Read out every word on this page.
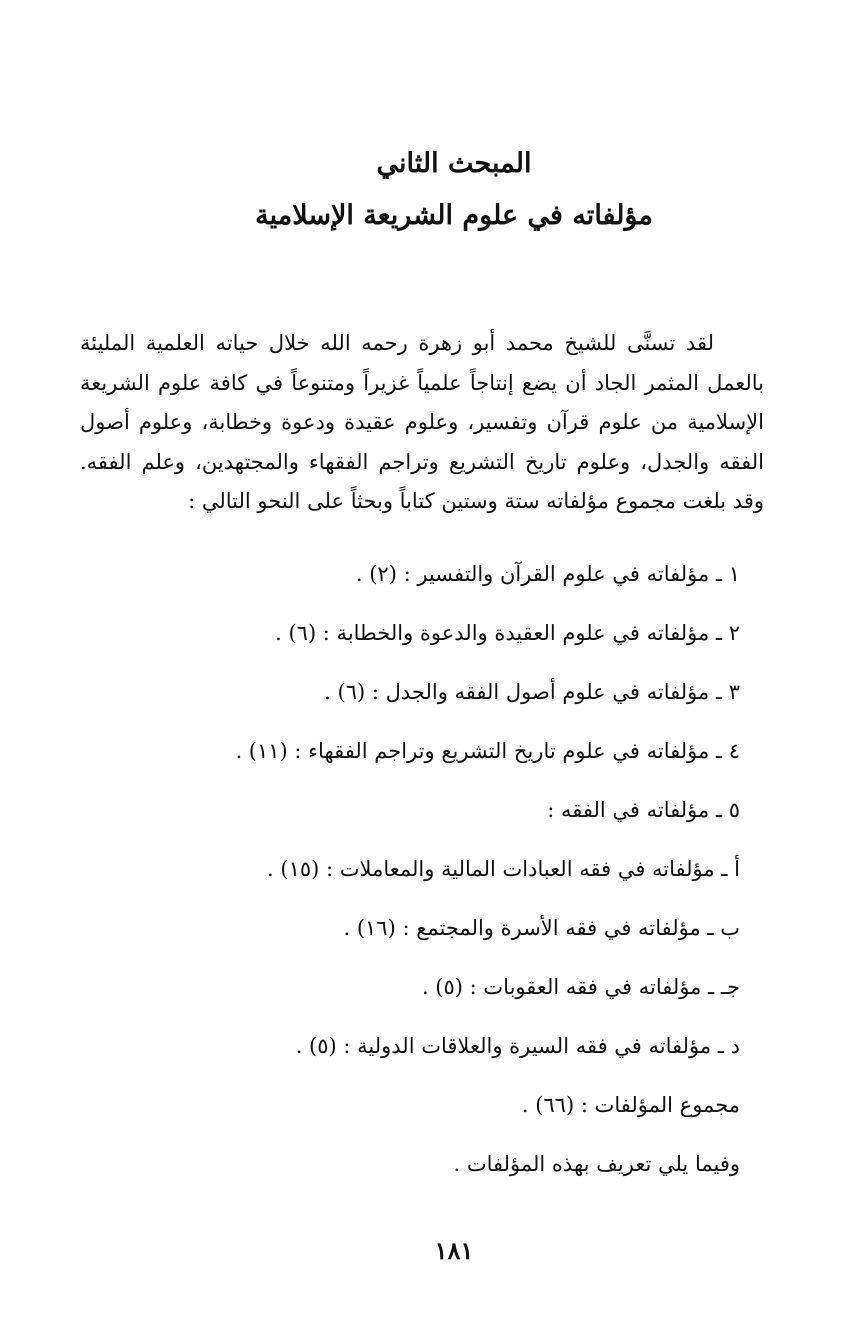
المبحث الثاني
مؤلفاته في علوم الشريعة الإسلامية

لقد تسنَّى للشيخ محمد أبو زهرة رحمه الله خلال حياته العلمية المليئة بالعمل المثمر الجاد أن يضع إنتاجاً علمياً غزيراً ومتنوعاً في كافة علوم الشريعة الإسلامية من علوم قرآن وتفسير، وعلوم عقيدة ودعوة وخطابة، وعلوم أصول الفقه والجدل، وعلوم تاريخ التشريع وتراجم الفقهاء والمجتهدين، وعلم الفقه. وقد بلغت مجموع مؤلفاته ستة وستين كتاباً وبحثاً على النحو التالي :

١ ـ مؤلفاته في علوم القرآن والتفسير : (٢) .
٢ ـ مؤلفاته في علوم العقيدة والدعوة والخطابة : (٦) .
٣ ـ مؤلفاته في علوم أصول الفقه والجدل : (٦) .
٤ ـ مؤلفاته في علوم تاريخ التشريع وتراجم الفقهاء : (١١) .
٥ ـ مؤلفاته في الفقه :
أ ـ مؤلفاته في فقه العبادات المالية والمعاملات : (١٥) .
ب ـ مؤلفاته في فقه الأسرة والمجتمع : (١٦) .
جـ ـ مؤلفاته في فقه العقوبات : (٥) .
د ـ مؤلفاته في فقه السيرة والعلاقات الدولية : (٥) .
مجموع المؤلفات : (٦٦) .
وفيما يلي تعريف بهذه المؤلفات .
١٨١
